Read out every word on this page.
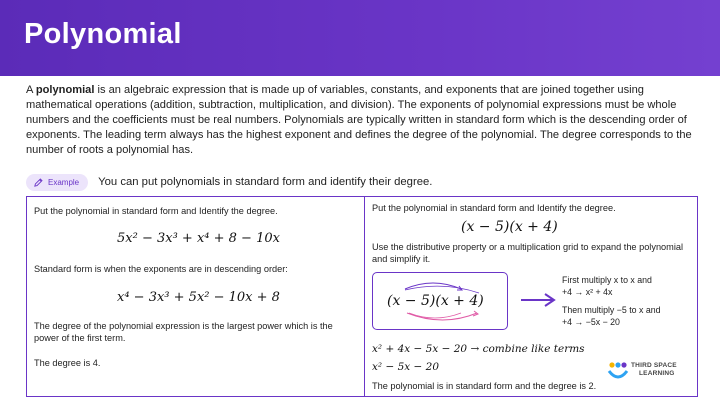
Polynomial
A polynomial is an algebraic expression that is made up of variables, constants, and exponents that are joined together using mathematical operations (addition, subtraction, multiplication, and division). The exponents of polynomial expressions must be whole numbers and the coefficients must be real numbers. Polynomials are typically written in standard form which is the descending order of exponents. The leading term always has the highest exponent and defines the degree of the polynomial. The degree corresponds to the number of roots a polynomial has.
Example You can put polynomials in standard form and identify their degree.
Put the polynomial in standard form and Identify the degree.
5x² − 3x³ + x⁴ + 8 − 10x
Standard form is when the exponents are in descending order:
x⁴ − 3x³ + 5x² − 10x + 8
The degree of the polynomial expression is the largest power which is the power of the first term.
The degree is 4.
Put the polynomial in standard form and Identify the degree.
(x − 5)(x + 4)
Use the distributive property or a multiplication grid to expand the polynomial and simplify it.
(x − 5)(x + 4)
First multiply x to x and
+4 → x² + 4x
Then multiply −5 to x and
+4 → −5x − 20
x² + 4x − 5x − 20 → combine like terms
x² − 5x − 20
The polynomial is in standard form and the degree is 2.
THIRD SPACE
LEARNING
